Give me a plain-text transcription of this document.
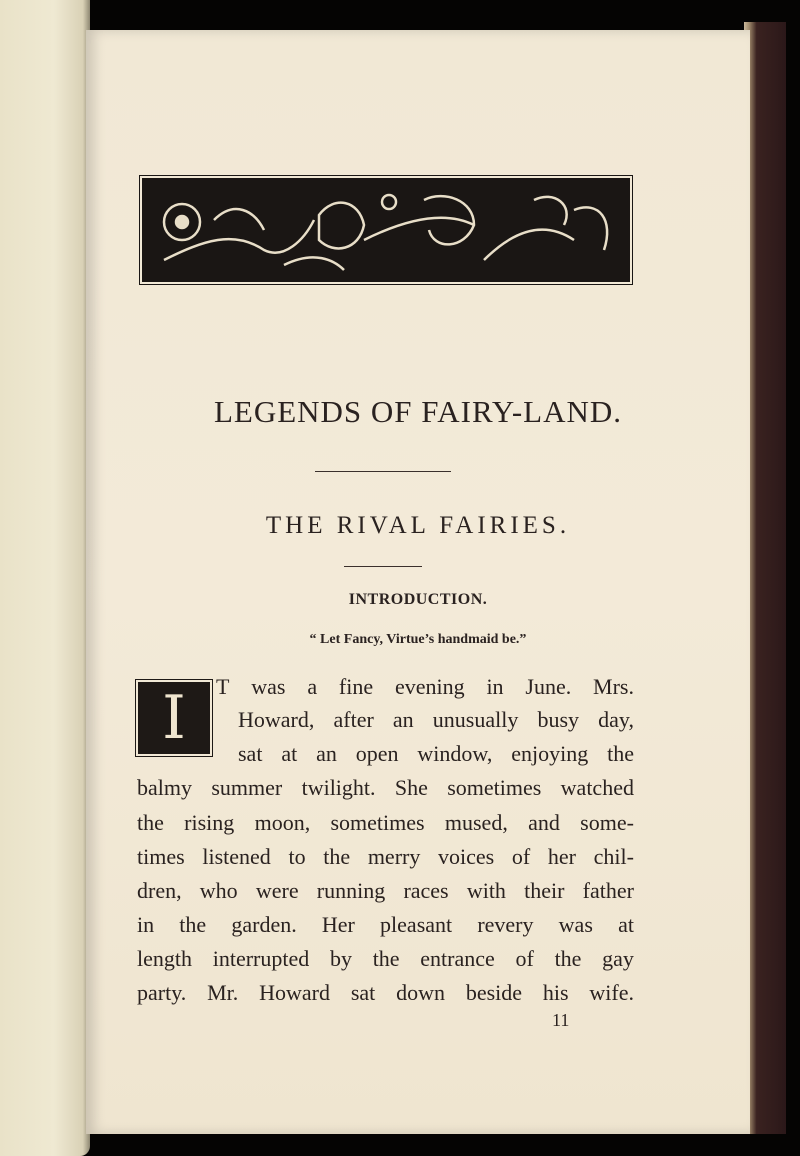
LEGENDS OF FAIRY-LAND.
THE RIVAL FAIRIES.
INTRODUCTION.
“ Let Fancy, Virtue’s handmaid be.”
I	T was a fine evening in June. Mrs.
Howard, after an unusually busy day,
sat at an open window, enjoying the
balmy summer twilight. She sometimes watched
the rising moon, sometimes mused, and some-
times listened to the merry voices of her chil-
dren, who were running races with their father
in the garden. Her pleasant revery was at
length interrupted by the entrance of the gay
party. Mr. Howard sat down beside his wife.
11
